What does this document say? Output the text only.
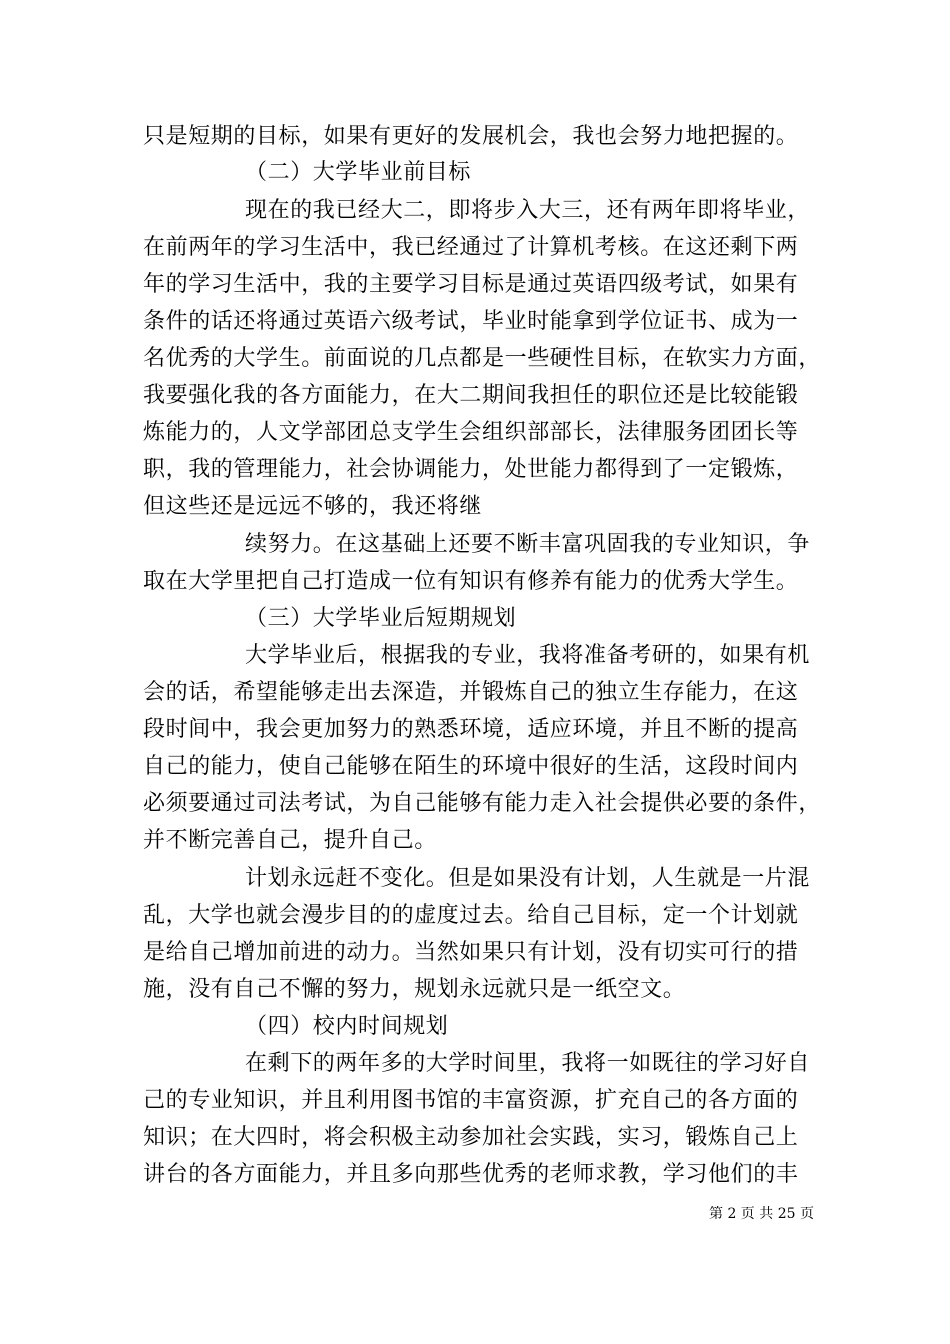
只是短期的目标，如果有更好的发展机会，我也会努力地把握的。
（二）大学毕业前目标
现在的我已经大二，即将步入大三，还有两年即将毕业，
在前两年的学习生活中，我已经通过了计算机考核。在这还剩下两
年的学习生活中，我的主要学习目标是通过英语四级考试，如果有
条件的话还将通过英语六级考试，毕业时能拿到学位证书、成为一
名优秀的大学生。前面说的几点都是一些硬性目标，在软实力方面，
我要强化我的各方面能力，在大二期间我担任的职位还是比较能锻
炼能力的，人文学部团总支学生会组织部部长，法律服务团团长等
职，我的管理能力，社会协调能力，处世能力都得到了一定锻炼，
但这些还是远远不够的，我还将继
续努力。在这基础上还要不断丰富巩固我的专业知识，争
取在大学里把自己打造成一位有知识有修养有能力的优秀大学生。
（三）大学毕业后短期规划
大学毕业后，根据我的专业，我将准备考研的，如果有机
会的话，希望能够走出去深造，并锻炼自己的独立生存能力，在这
段时间中，我会更加努力的熟悉环境，适应环境，并且不断的提高
自己的能力，使自己能够在陌生的环境中很好的生活，这段时间内
必须要通过司法考试，为自己能够有能力走入社会提供必要的条件，
并不断完善自己，提升自己。
计划永远赶不变化。但是如果没有计划，人生就是一片混
乱，大学也就会漫步目的的虚度过去。给自己目标，定一个计划就
是给自己增加前进的动力。当然如果只有计划，没有切实可行的措
施，没有自己不懈的努力，规划永远就只是一纸空文。
（四）校内时间规划
在剩下的两年多的大学时间里，我将一如既往的学习好自
己的专业知识，并且利用图书馆的丰富资源，扩充自己的各方面的
知识；在大四时，将会积极主动参加社会实践，实习，锻炼自己上
讲台的各方面能力，并且多向那些优秀的老师求教，学习他们的丰
第 2 页 共 25 页
